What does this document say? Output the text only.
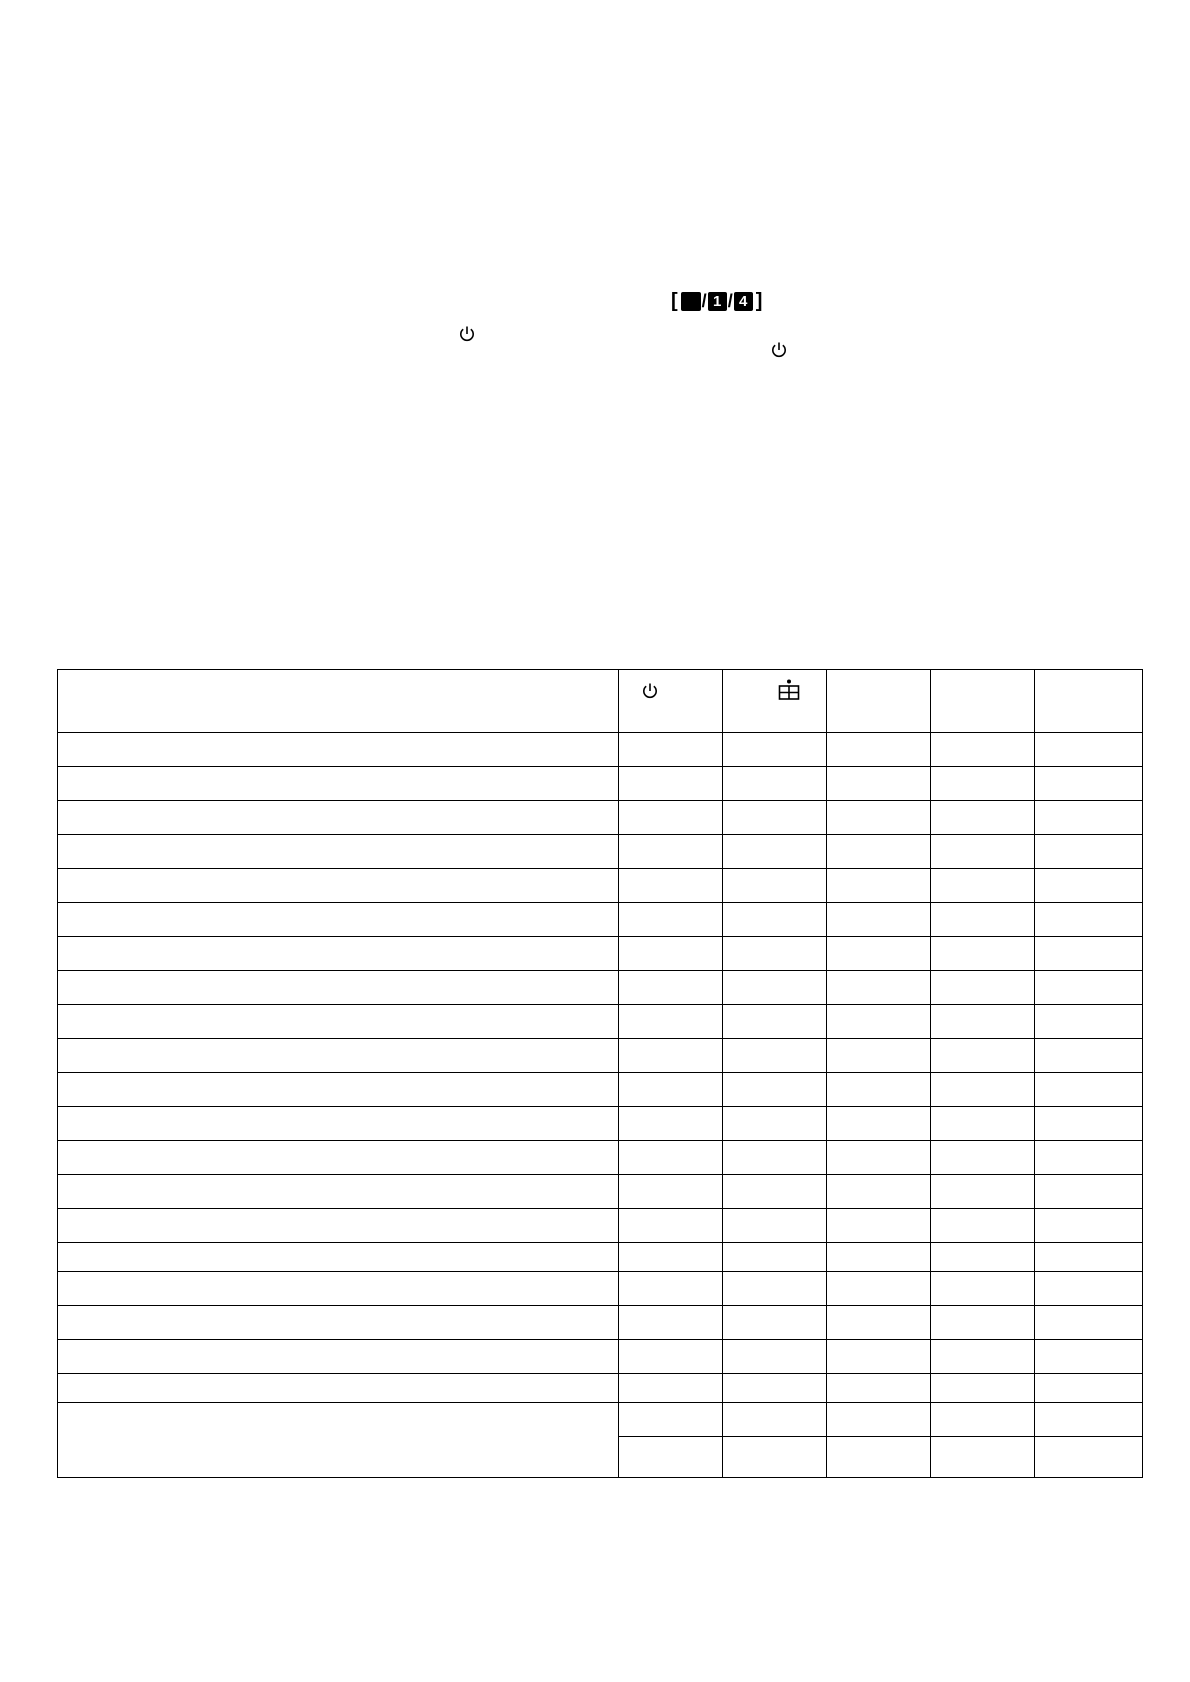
[
/ 1 / 4 ]
